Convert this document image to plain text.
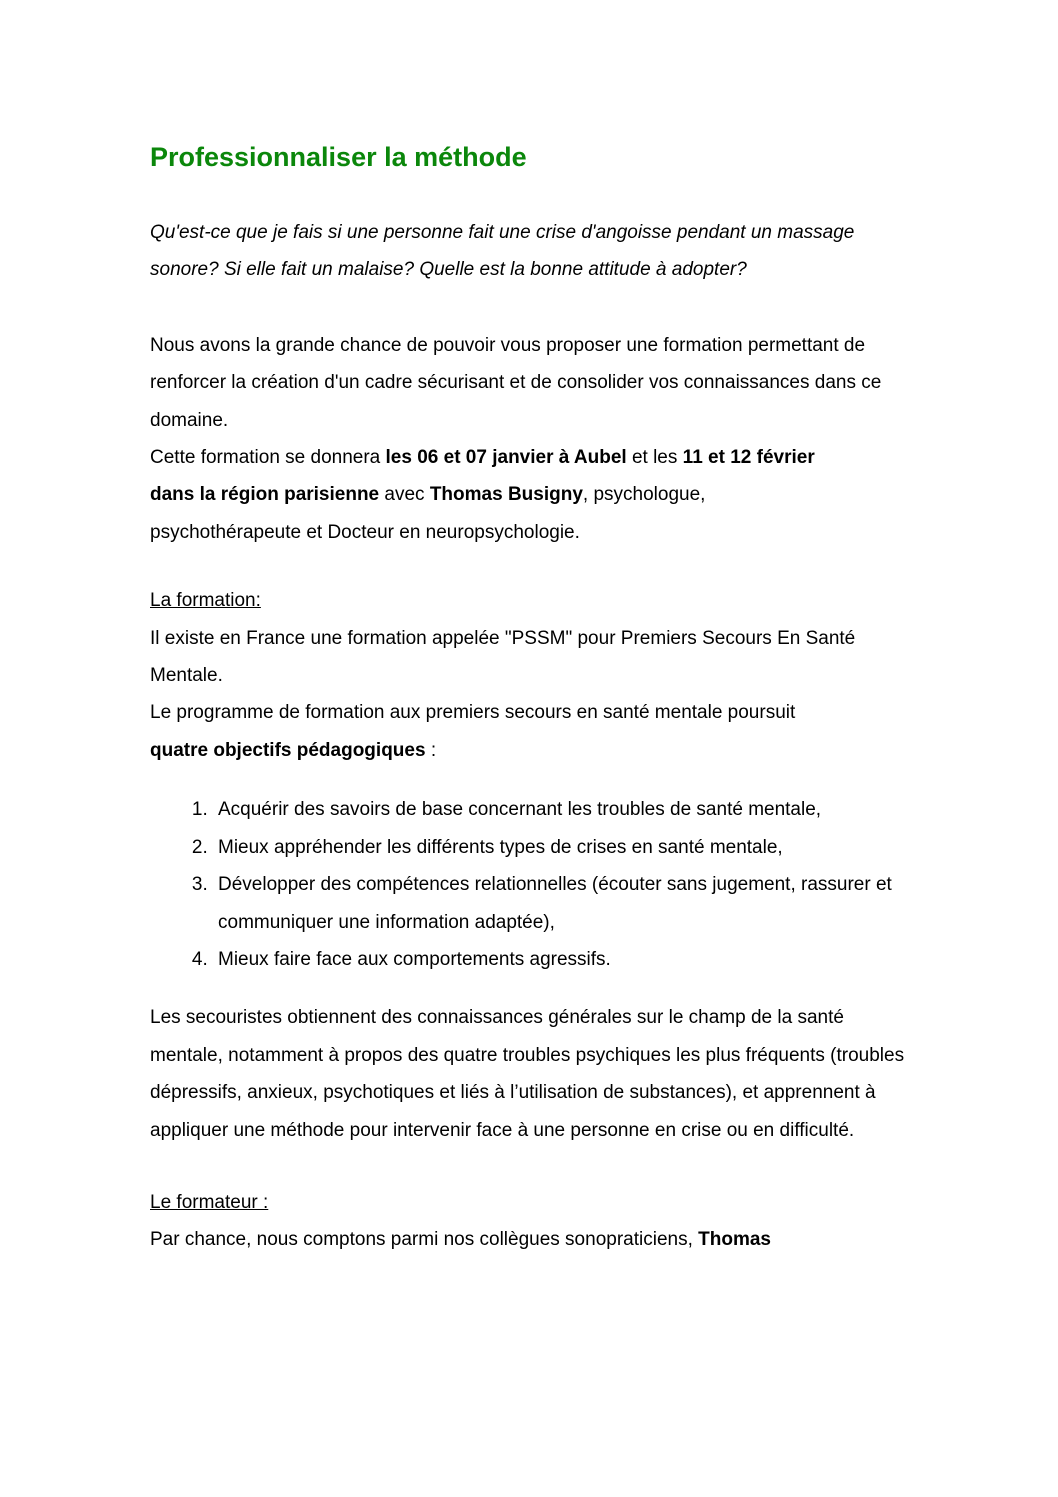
Professionnaliser la méthode

Qu'est-ce que je fais si une personne fait une crise d'angoisse pendant un massage sonore? Si elle fait un malaise? Quelle est la bonne attitude à adopter?

Nous avons la grande chance de pouvoir vous proposer une formation permettant de renforcer la création d'un cadre sécurisant et de consolider vos connaissances dans ce domaine.

Cette formation se donnera les 06 et 07 janvier à Aubel et les 11 et 12 février
dans la région parisienne avec Thomas Busigny, psychologue,
psychothérapeute et Docteur en neuropsychologie.

La formation:

Il existe en France une formation appelée "PSSM" pour Premiers Secours En Santé Mentale.

Le programme de formation aux premiers secours en santé mentale poursuit
quatre objectifs pédagogiques :

1. Acquérir des savoirs de base concernant les troubles de santé mentale,
2. Mieux appréhender les différents types de crises en santé mentale,
3. Développer des compétences relationnelles (écouter sans jugement, rassurer et communiquer une information adaptée),
4. Mieux faire face aux comportements agressifs.

Les secouristes obtiennent des connaissances générales sur le champ de la santé mentale, notamment à propos des quatre troubles psychiques les plus fréquents (troubles dépressifs, anxieux, psychotiques et liés à l’utilisation de substances), et apprennent à appliquer une méthode pour intervenir face à une personne en crise ou en difficulté.

Le formateur :

Par chance, nous comptons parmi nos collègues sonopraticiens, Thomas
